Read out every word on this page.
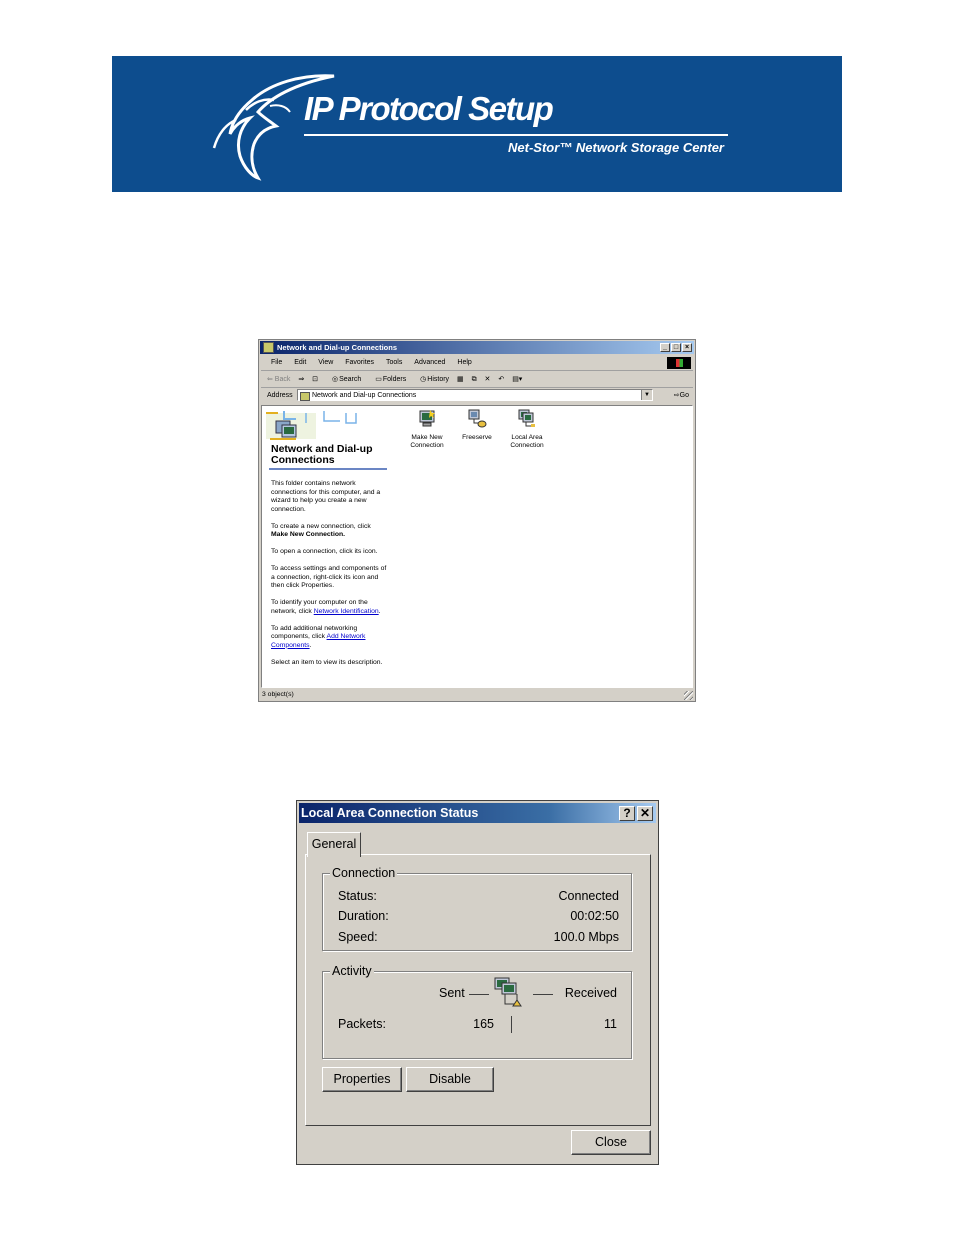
IP Protocol Setup
Net-Stor™ Network Storage Center
Network and Dial-up Connections	_ □ ×
File Edit View Favorites Tools Advanced Help
⇐ Back ⇒ ⊡ ◎Search ▭Folders ◷History ▦ ⧉ ✕ ↶ ▤▾
Address	Network and Dial-up Connections	▼	⇨Go
Network and Dial-up Connections

This folder contains network connections for this computer, and a wizard to help you create a new connection.

To create a new connection, click Make New Connection.

To open a connection, click its icon.

To access settings and components of a connection, right-click its icon and then click Properties.

To identify your computer on the network, click Network Identification.

To add additional networking components, click Add Network Components.

Select an item to view its description.

Make New Connection
Freeserve	Local Area Connection
3 object(s)
Local Area Connection Status	? ✕
General
Connection
Status:	Connected
Duration:	00:02:50
Speed:	100.0 Mbps
Activity
Sent	Received
Packets:	165	11
Properties	Disable
Close
